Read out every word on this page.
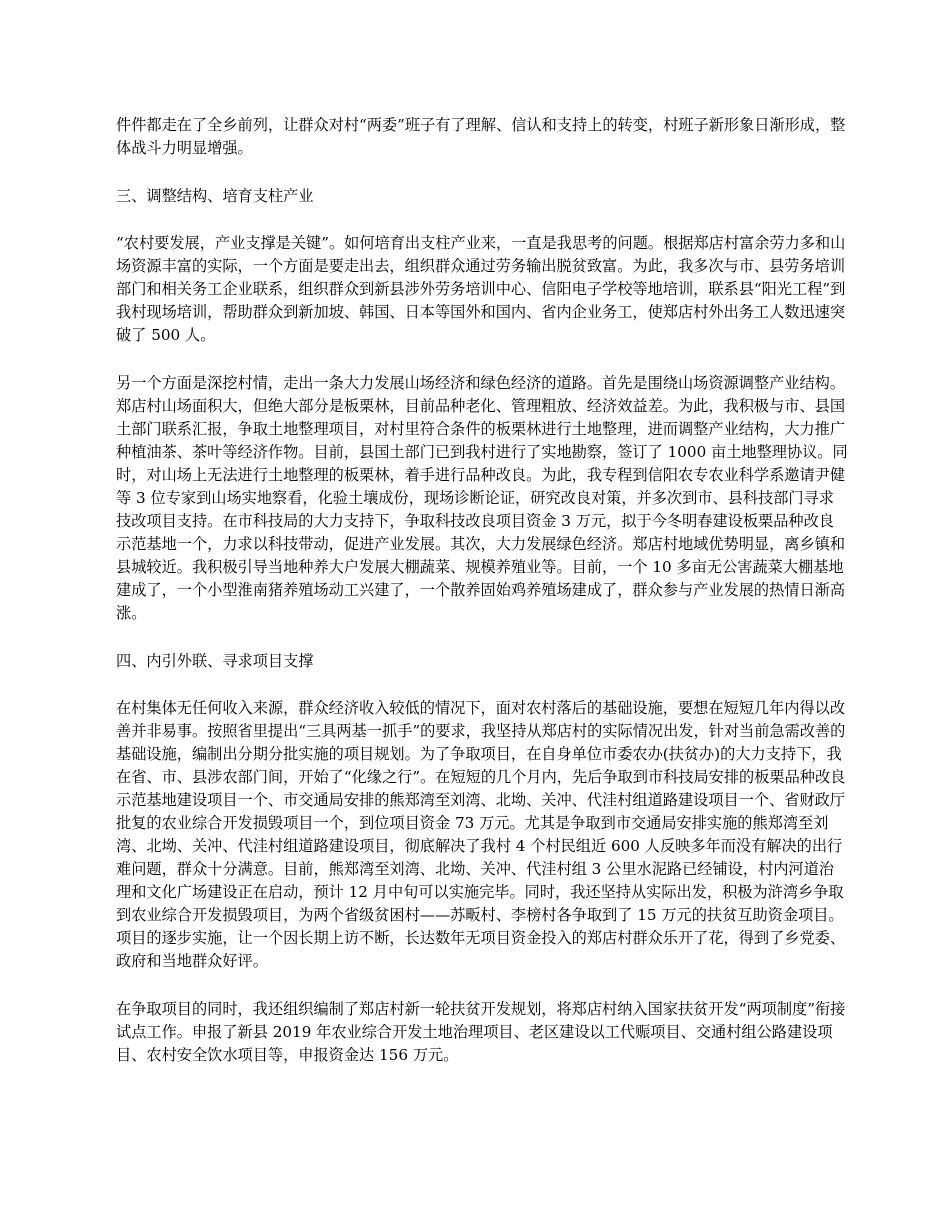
件件都走在了全乡前列，让群众对村“两委”班子有了理解、信认和支持上的转变，村班子新形象日渐形成，整体战斗力明显增强。

三、调整结构、培育支柱产业

“农村要发展，产业支撑是关键”。如何培育出支柱产业来，一直是我思考的问题。根据郑店村富余劳力多和山场资源丰富的实际，一个方面是要走出去，组织群众通过劳务输出脱贫致富。为此，我多次与市、县劳务培训部门和相关务工企业联系，组织群众到新县涉外劳务培训中心、信阳电子学校等地培训，联系县“阳光工程”到我村现场培训，帮助群众到新加坡、韩国、日本等国外和国内、省内企业务工，使郑店村外出务工人数迅速突破了 500 人。

另一个方面是深挖村情，走出一条大力发展山场经济和绿色经济的道路。首先是围绕山场资源调整产业结构。郑店村山场面积大，但绝大部分是板栗林，目前品种老化、管理粗放、经济效益差。为此，我积极与市、县国土部门联系汇报，争取土地整理项目，对村里符合条件的板栗林进行土地整理，进而调整产业结构，大力推广种植油茶、茶叶等经济作物。目前，县国土部门已到我村进行了实地勘察，签订了 1000 亩土地整理协议。同时，对山场上无法进行土地整理的板栗林，着手进行品种改良。为此，我专程到信阳农专农业科学系邀请尹健等 3 位专家到山场实地察看，化验土壤成份，现场诊断论证，研究改良对策，并多次到市、县科技部门寻求技改项目支持。在市科技局的大力支持下，争取科技改良项目资金 3 万元，拟于今冬明春建设板栗品种改良示范基地一个，力求以科技带动，促进产业发展。其次，大力发展绿色经济。郑店村地域优势明显，离乡镇和县城较近。我积极引导当地种养大户发展大棚蔬菜、规模养殖业等。目前，一个 10 多亩无公害蔬菜大棚基地建成了，一个小型淮南猪养殖场动工兴建了，一个散养固始鸡养殖场建成了，群众参与产业发展的热情日渐高涨。

四、内引外联、寻求项目支撑

在村集体无任何收入来源，群众经济收入较低的情况下，面对农村落后的基础设施，要想在短短几年内得以改善并非易事。按照省里提出“三具两基一抓手”的要求，我坚持从郑店村的实际情况出发，针对当前急需改善的基础设施，编制出分期分批实施的项目规划。为了争取项目，在自身单位市委农办(扶贫办)的大力支持下，我在省、市、县涉农部门间，开始了“化缘之行”。在短短的几个月内，先后争取到市科技局安排的板栗品种改良示范基地建设项目一个、市交通局安排的熊郑湾至刘湾、北坳、关冲、代洼村组道路建设项目一个、省财政厅批复的农业综合开发损毁项目一个，到位项目资金 73 万元。尤其是争取到市交通局安排实施的熊郑湾至刘湾、北坳、关冲、代洼村组道路建设项目，彻底解决了我村 4 个村民组近 600 人反映多年而没有解决的出行难问题，群众十分满意。目前，熊郑湾至刘湾、北坳、关冲、代洼村组 3 公里水泥路已经铺设，村内河道治理和文化广场建设正在启动，预计 12 月中旬可以实施完毕。同时，我还坚持从实际出发，积极为浒湾乡争取到农业综合开发损毁项目，为两个省级贫困村——苏畈村、李榜村各争取到了 15 万元的扶贫互助资金项目。项目的逐步实施，让一个因长期上访不断，长达数年无项目资金投入的郑店村群众乐开了花，得到了乡党委、政府和当地群众好评。

在争取项目的同时，我还组织编制了郑店村新一轮扶贫开发规划，将郑店村纳入国家扶贫开发“两项制度”衔接试点工作。申报了新县 2019 年农业综合开发土地治理项目、老区建设以工代赈项目、交通村组公路建设项目、农村安全饮水项目等，申报资金达 156 万元。
